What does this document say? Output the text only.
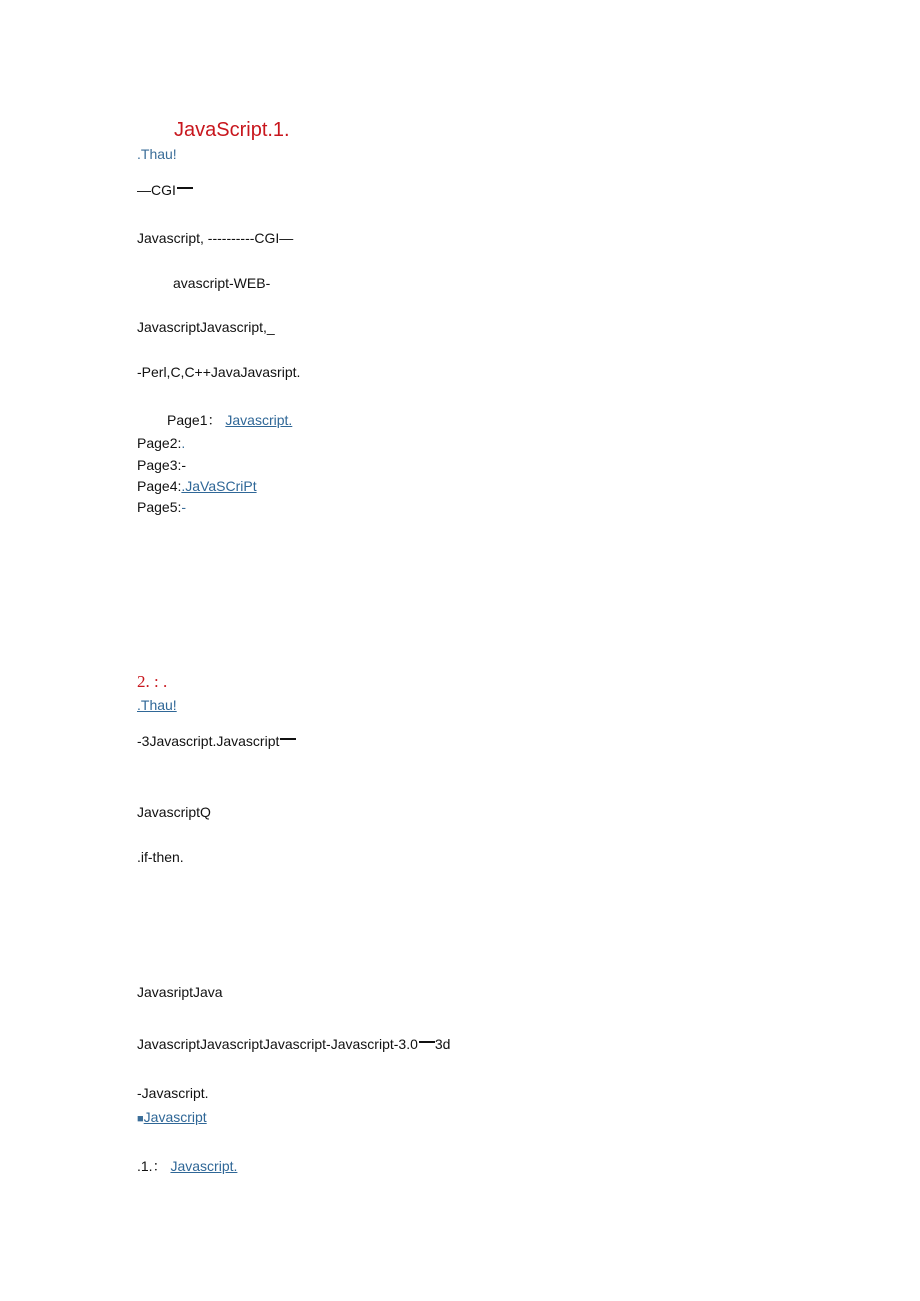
JavaScript.1.
.Thau!
—CGI
Javascript, ----------CGI—
avascript-WEB-
JavascriptJavascript,_
-Perl,C,C++JavaJavasript.
Page1： Javascript.
Page2:.
Page3:-
Page4:.JaVaSCriPt
Page5:-
2. : .
.Thau!
-3Javascript.Javascript
JavascriptQ
.if-then.
JavasriptJava
JavascriptJavascriptJavascript-Javascript-3.0 3d
-Javascript.
■Javascript
.1.： Javascript.
